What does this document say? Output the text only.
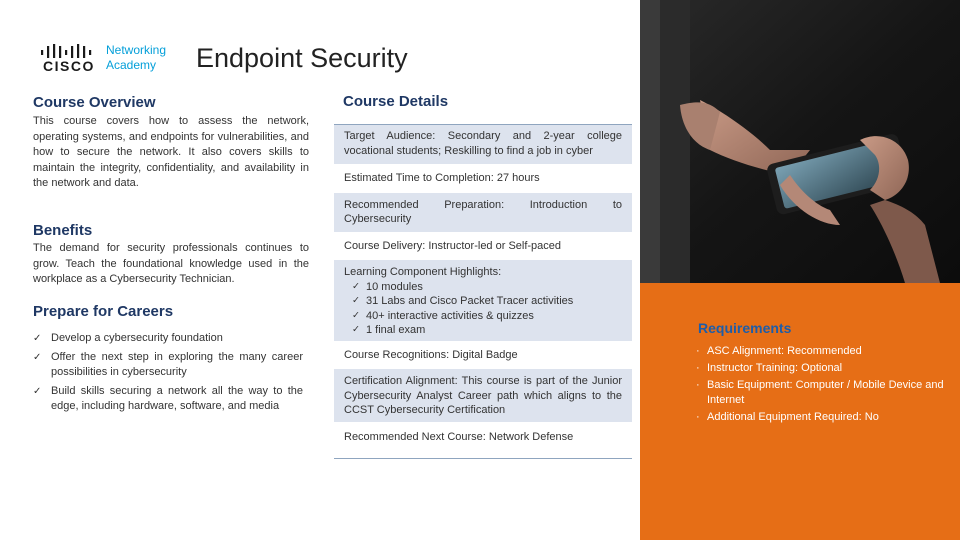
CISCO
Networking
Academy	Endpoint Security
Course Overview

This course covers how to assess the network, operating systems, and endpoints for vulnerabilities, and how to secure the network. It also covers skills to maintain the integrity, confidentiality, and availability in the network and data.

Benefits

The demand for security professionals continues to grow. Teach the foundational knowledge used in the workplace as a Cybersecurity Technician.

Prepare for Careers
✓ Develop a cybersecurity foundation
✓ Offer the next step in exploring the many career possibilities in cybersecurity
✓ Build skills securing a network all the way to the edge, including hardware, software, and media
Course Details
Target Audience: Secondary and 2-year college vocational students; Reskilling to find a job in cyber
Estimated Time to Completion: 27 hours
Recommended Preparation: Introduction to Cybersecurity
Course Delivery: Instructor-led or Self-paced
Learning Component Highlights:
✓ 10 modules
✓ 31 Labs and Cisco Packet Tracer activities
✓ 40+ interactive activities & quizzes
✓ 1 final exam
Course Recognitions: Digital Badge
Certification Alignment: This course is part of the Junior Cybersecurity Analyst Career path which aligns to the CCST Cybersecurity Certification
Recommended Next Course: Network Defense
Requirements
· ASC Alignment: Recommended
· Instructor Training: Optional
· Basic Equipment: Computer / Mobile Device and Internet
· Additional Equipment Required: No
